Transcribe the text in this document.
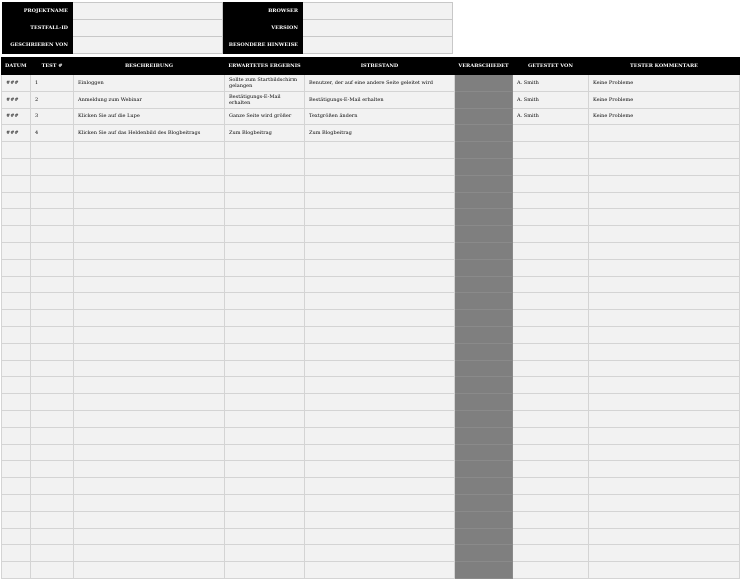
PROJEKTNAME		BROWSER	
TESTFALL-ID		VERSION	
GESCHRIEBEN VON		BESONDERE HINWEISE	
DATUM	TEST #	BESCHREIBUNG	ERWARTETES ERGEBNIS	ISTBESTAND	VERABSCHIEDET	GETESTET VON	TESTER KOMMENTARE
###	1	Einloggen	Sollte zum Startbildschirm gelangen	Benutzer, der auf eine andere Seite geleitet wird		A. Smith	Keine Probleme
###	2	Anmeldung zum Webinar	Bestätigungs-E-Mail erhalten	Bestätigungs-E-Mail erhalten		A. Smith	Keine Probleme
###	3	Klicken Sie auf die Lupe	Ganze Seite wird größer	Textgrößen ändern		A. Smith	Keine Probleme
###	4	Klicken Sie auf das Heldenbild des Blogbeitrags	Zum Blogbeitrag	Zum Blogbeitrag			
